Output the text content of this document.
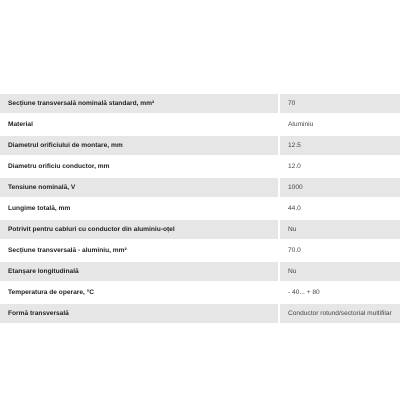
Secțiune transversală nominală standard, mm²	70
Material	Aluminiu
Diametrul orificiului de montare, mm	12.5
Diametru orificiu conductor, mm	12.0
Tensiune nominală, V	1000
Lungime totală, mm	44.0
Potrivit pentru cabluri cu conductor din aluminiu-oțel	Nu
Secțiune transversală - aluminiu, mm²	70.0
Etanșare longitudinală	Nu
Temperatura de operare, °C	- 40... + 80
Formă transversală	Conductor rotund/sectorial multifilar
